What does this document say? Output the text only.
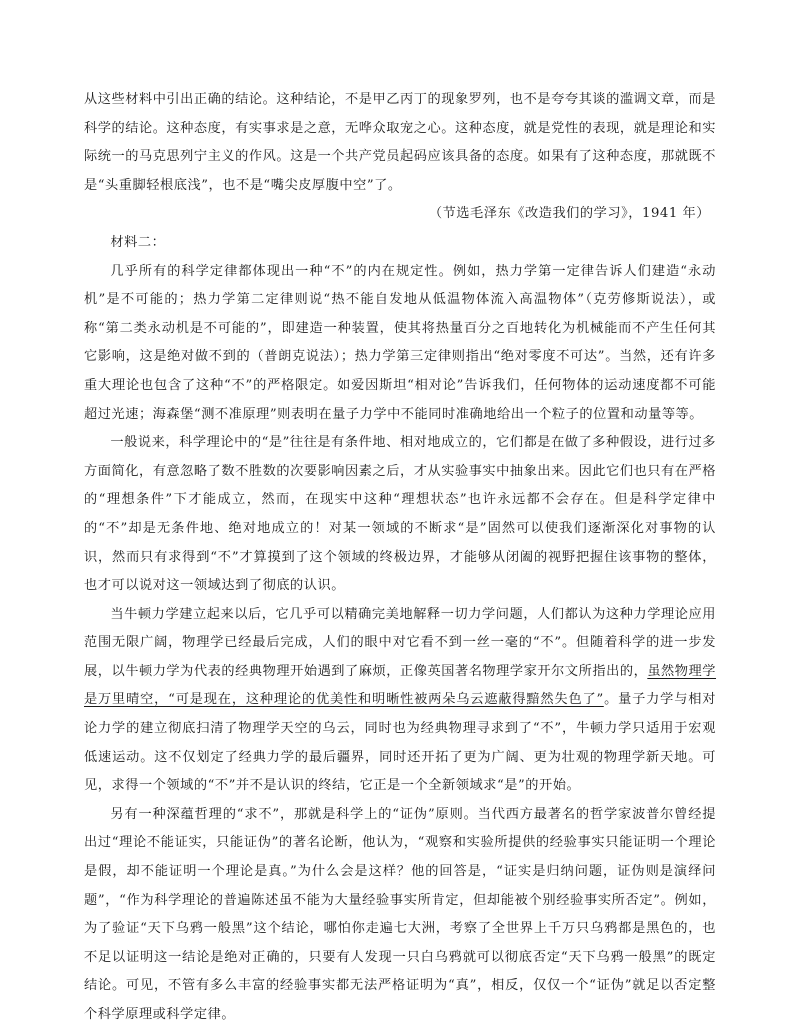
从这些材料中引出正确的结论。这种结论，不是甲乙丙丁的现象罗列，也不是夸夸其谈的滥调文章，而是科学的结论。这种态度，有实事求是之意，无哗众取宠之心。这种态度，就是党性的表现，就是理论和实际统一的马克思列宁主义的作风。这是一个共产党员起码应该具备的态度。如果有了这种态度，那就既不是“头重脚轻根底浅”，也不是“嘴尖皮厚腹中空”了。

（节选毛泽东《改造我们的学习》，1941 年）

材料二：

几乎所有的科学定律都体现出一种“不”的内在规定性。例如，热力学第一定律告诉人们建造“永动机”是不可能的；热力学第二定律则说“热不能自发地从低温物体流入高温物体”（克劳修斯说法），或称“第二类永动机是不可能的”，即建造一种装置，使其将热量百分之百地转化为机械能而不产生任何其它影响，这是绝对做不到的（普朗克说法）；热力学第三定律则指出“绝对零度不可达”。当然，还有许多重大理论也包含了这种“不”的严格限定。如爱因斯坦“相对论”告诉我们，任何物体的运动速度都不可能超过光速；海森堡“测不准原理”则表明在量子力学中不能同时准确地给出一个粒子的位置和动量等等。

一般说来，科学理论中的“是”往往是有条件地、相对地成立的，它们都是在做了多种假设，进行过多方面简化，有意忽略了数不胜数的次要影响因素之后，才从实验事实中抽象出来。因此它们也只有在严格的“理想条件”下才能成立，然而，在现实中这种“理想状态”也许永远都不会存在。但是科学定律中的“不”却是无条件地、绝对地成立的！对某一领域的不断求“是”固然可以使我们逐渐深化对事物的认识，然而只有求得到“不”才算摸到了这个领域的终极边界，才能够从闭阖的视野把握住该事物的整体，也才可以说对这一领域达到了彻底的认识。

当牛顿力学建立起来以后，它几乎可以精确完美地解释一切力学问题，人们都认为这种力学理论应用范围无限广阔，物理学已经最后完成，人们的眼中对它看不到一丝一毫的“不”。但随着科学的进一步发展，以牛顿力学为代表的经典物理开始遇到了麻烦，正像英国著名物理学家开尔文所指出的，虽然物理学是万里晴空，“可是现在，这种理论的优美性和明晰性被两朵乌云遮蔽得黯然失色了”。量子力学与相对论力学的建立彻底扫清了物理学天空的乌云，同时也为经典物理寻求到了“不”，牛顿力学只适用于宏观低速运动。这不仅划定了经典力学的最后疆界，同时还开拓了更为广阔、更为壮观的物理学新天地。可见，求得一个领域的“不”并不是认识的终结，它正是一个全新领域求“是”的开始。

另有一种深蕴哲理的“求不”，那就是科学上的“证伪”原则。当代西方最著名的哲学家波普尔曾经提出过“理论不能证实，只能证伪”的著名论断，他认为，“观察和实验所提供的经验事实只能证明一个理论是假，却不能证明一个理论是真。”为什么会是这样？他的回答是，“证实是归纳问题，证伪则是演绎问题”，“作为科学理论的普遍陈述虽不能为大量经验事实所肯定，但却能被个别经验事实所否定”。例如，为了验证“天下乌鸦一般黑”这个结论，哪怕你走遍七大洲，考察了全世界上千万只乌鸦都是黑色的，也不足以证明这一结论是绝对正确的，只要有人发现一只白乌鸦就可以彻底否定“天下乌鸦一般黑”的既定结论。可见，不管有多么丰富的经验事实都无法严格证明为“真”，相反，仅仅一个“证伪”就足以否定整个科学原理或科学定律。
